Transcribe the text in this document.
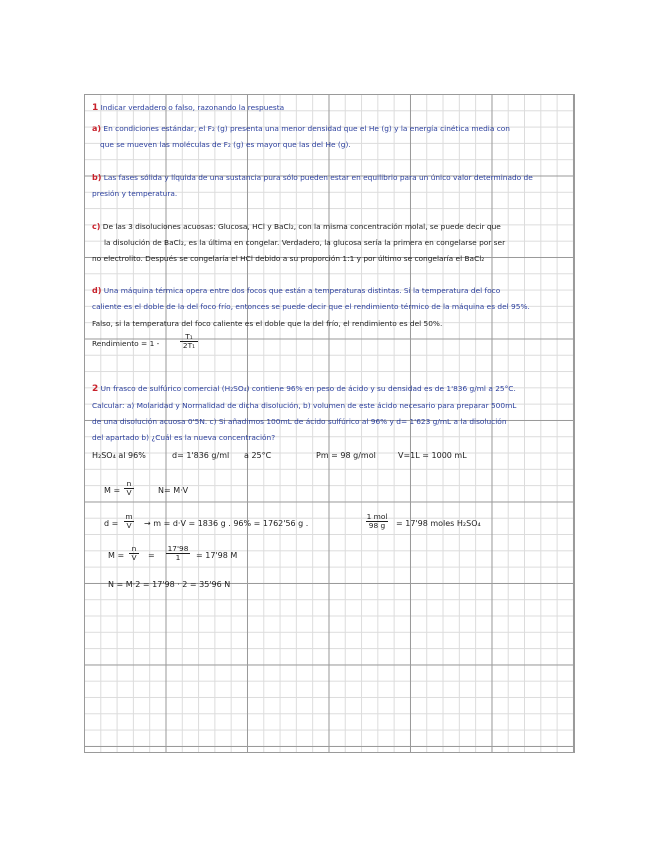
1 Indicar verdadero o falso, razonando la respuesta
a) En condiciones estándar, el F₂ (g) presenta una menor densidad que el He (g) y la energía cinética media con
que se mueven las moléculas de F₂ (g) es mayor que las del He (g).
b) Las fases sólida y líquida de una sustancia pura sólo pueden estar en equilibrio para un único valor determinado de
presión y temperatura.
c) De las 3 disoluciones acuosas: Glucosa, HCl y BaCl₂, con la misma concentración molal, se puede decir que
la disolución de BaCl₂, es la última en congelar. Verdadero, la glucosa sería la primera en congelarse por ser
no electrolito. Después se congelaría el HCl debido a su proporción 1:1 y por último se congelaría el BaCl₂
d) Una máquina térmica opera entre dos focos que están a temperaturas distintas. Si la temperatura del foco
caliente es el doble de la del foco frío, entonces se puede decir que el rendimiento térmico de la máquina es del 95%.
Falso, si la temperatura del foco caliente es el doble que la del frío, el rendimiento es del 50%.
Rendimiento = 1 -	$\frac{\text{T₁}}{\text{2T₁}}$
2 Un frasco de sulfúrico comercial (H₂SO₄) contiene 96% en peso de ácido y su densidad es de 1'836 g/ml a 25°C.
Calcular: a) Molaridad y Normalidad de dicha disolución, b) volumen de este ácido necesario para preparar 500mL
de una disolución acuosa 0'5N. c) Si añadimos 100mL de ácido sulfúrico al 96% y d= 1'623 g/mL a la disolución
del apartado b) ¿Cuál es la nueva concentración?
H₂SO₄ al 96%	d= 1'836 g/ml a 25°C	Pm = 98 g/mol	V=1L = 1000 mL
$M = \frac{n}{V}$	N= M·V
$d = \frac{m}{V} \to m = d\cdot V = 1836$ g . 96% = 1762'56 g .
1 mol
98 g	= 17'98 moles H₂SO₄
$M = \frac{n}{V} = \frac{17'98}{1} = 17'98$ M
N = M·2 = 17'98 · 2 = 35'96 N
